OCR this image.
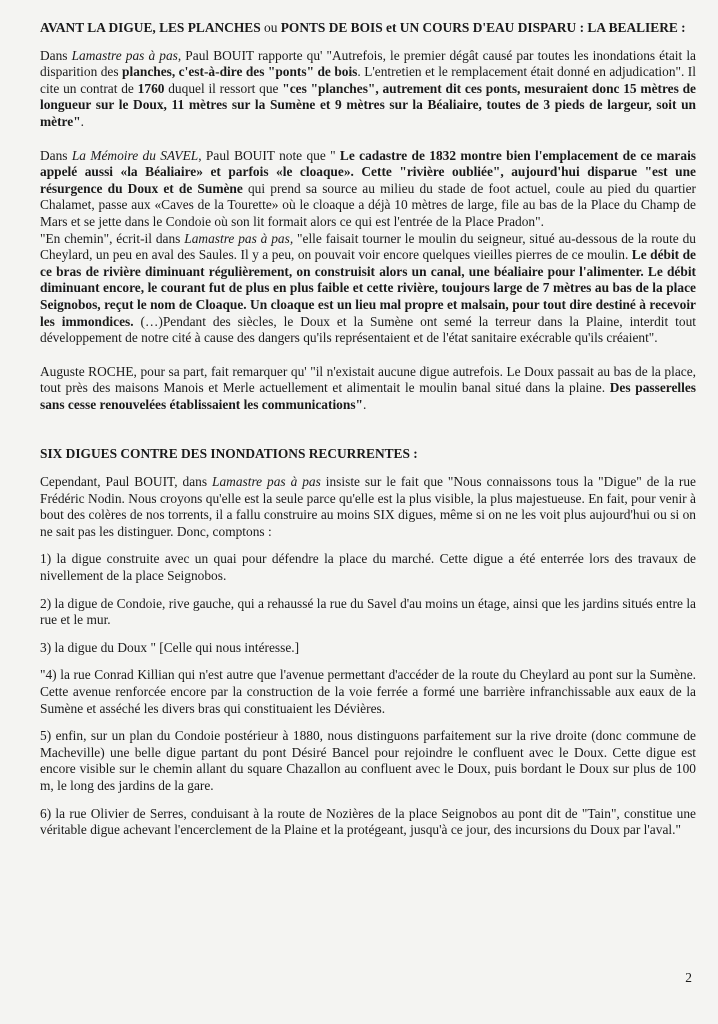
AVANT LA DIGUE, LES PLANCHES ou PONTS DE BOIS et UN COURS D'EAU DISPARU : LA BEALIERE :

Dans Lamastre pas à pas, Paul BOUIT rapporte qu' "Autrefois, le premier dégât causé par toutes les inondations était la disparition des planches, c'est-à-dire des "ponts" de bois. L'entretien et le remplacement était donné en adjudication". Il cite un contrat de 1760 duquel il ressort que "ces "planches", autrement dit ces ponts, mesuraient donc 15 mètres de longueur sur le Doux, 11 mètres sur la Sumène et 9 mètres sur la Béaliaire, toutes de 3 pieds de largeur, soit un mètre".

Dans La Mémoire du SAVEL, Paul BOUIT note que " Le cadastre de 1832 montre bien l'emplacement de ce marais appelé aussi «la Béaliaire» et parfois «le cloaque». Cette "rivière oubliée", aujourd'hui disparue "est une résurgence du Doux et de Sumène qui prend sa source au milieu du stade de foot actuel, coule au pied du quartier Chalamet, passe aux «Caves de la Tourette» où le cloaque a déjà 10 mètres de large, file au bas de la Place du Champ de Mars et se jette dans le Condoie où son lit formait alors ce qui est l'entrée de la Place Pradon".

"En chemin", écrit-il dans Lamastre pas à pas, "elle faisait tourner le moulin du seigneur, situé au-dessous de la route du Cheylard, un peu en aval des Saules. Il y a peu, on pouvait voir encore quelques vieilles pierres de ce moulin. Le débit de ce bras de rivière diminuant régulièrement, on construisit alors un canal, une béaliaire pour l'alimenter. Le débit diminuant encore, le courant fut de plus en plus faible et cette rivière, toujours large de 7 mètres au bas de la place Seignobos, reçut le nom de Cloaque. Un cloaque est un lieu mal propre et malsain, pour tout dire destiné à recevoir les immondices. (…)Pendant des siècles, le Doux et la Sumène ont semé la terreur dans la Plaine, interdit tout développement de notre cité à cause des dangers qu'ils représentaient et de l'état sanitaire exécrable qu'ils créaient".

Auguste ROCHE, pour sa part, fait remarquer qu' "il n'existait aucune digue autrefois. Le Doux passait au bas de la place, tout près des maisons Manois et Merle actuellement et alimentait le moulin banal situé dans la plaine. Des passerelles sans cesse renouvelées établissaient les communications".

SIX DIGUES CONTRE DES INONDATIONS RECURRENTES :

Cependant, Paul BOUIT, dans Lamastre pas à pas insiste sur le fait que "Nous connaissons tous la "Digue" de la rue Frédéric Nodin. Nous croyons qu'elle est la seule parce qu'elle est la plus visible, la plus majestueuse. En fait, pour venir à bout des colères de nos torrents, il a fallu construire au moins SIX digues, même si on ne les voit plus aujourd'hui ou si on ne sait pas les distinguer. Donc, comptons :

1) la digue construite avec un quai pour défendre la place du marché. Cette digue a été enterrée lors des travaux de nivellement de la place Seignobos.

2) la digue de Condoie, rive gauche, qui a rehaussé la rue du Savel d'au moins un étage, ainsi que les jardins situés entre la rue et le mur.

3) la digue du Doux " [Celle qui nous intéresse.]

"4) la rue Conrad Killian qui n'est autre que l'avenue permettant d'accéder de la route du Cheylard au pont sur la Sumène. Cette avenue renforcée encore par la construction de la voie ferrée a formé une barrière infranchissable aux eaux de la Sumène et asséché les divers bras qui constituaient les Dévières.

5) enfin, sur un plan du Condoie postérieur à 1880, nous distinguons parfaitement sur la rive droite (donc commune de Macheville) une belle digue partant du pont Désiré Bancel pour rejoindre le confluent avec le Doux. Cette digue est encore visible sur le chemin allant du square Chazallon au confluent avec le Doux, puis bordant le Doux sur plus de 100 m, le long des jardins de la gare.

6) la rue Olivier de Serres, conduisant à la route de Nozières de la place Seignobos au pont dit de "Tain", constitue une véritable digue achevant l'encerclement de la Plaine et la protégeant, jusqu'à ce jour, des incursions du Doux par l'aval."

2
